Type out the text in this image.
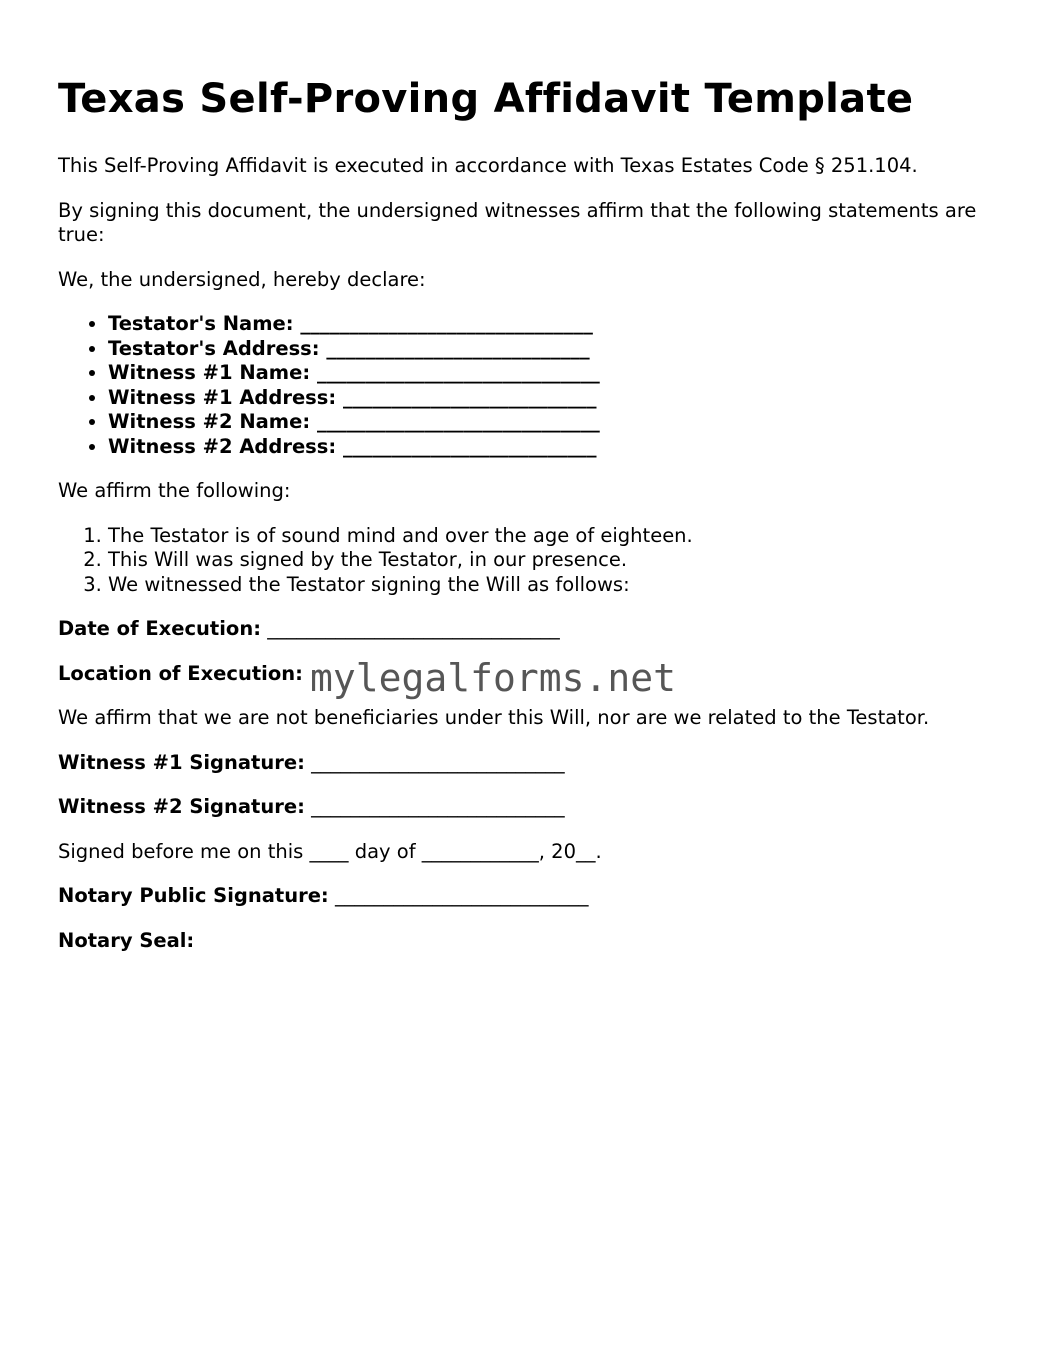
Texas Self-Proving Affidavit Template

This Self-Proving Affidavit is executed in accordance with Texas Estates Code § 251.104.

By signing this document, the undersigned witnesses affirm that the following statements are true:

We, the undersigned, hereby declare:

• Testator's Name: ______________________________
• Testator's Address: ___________________________
• Witness #1 Name: _____________________________
• Witness #1 Address: __________________________
• Witness #2 Name: _____________________________
• Witness #2 Address: __________________________

We affirm the following:

1. The Testator is of sound mind and over the age of eighteen.
2. This Will was signed by the Testator, in our presence.
3. We witnessed the Testator signing the Will as follows:

Date of Execution: ______________________________

Location of Execution:

We affirm that we are not beneficiaries under this Will, nor are we related to the Testator.

Witness #1 Signature: __________________________

Witness #2 Signature: __________________________

Signed before me on this ____ day of ____________, 20__.

Notary Public Signature: __________________________

Notary Seal:

mylegalforms.net
